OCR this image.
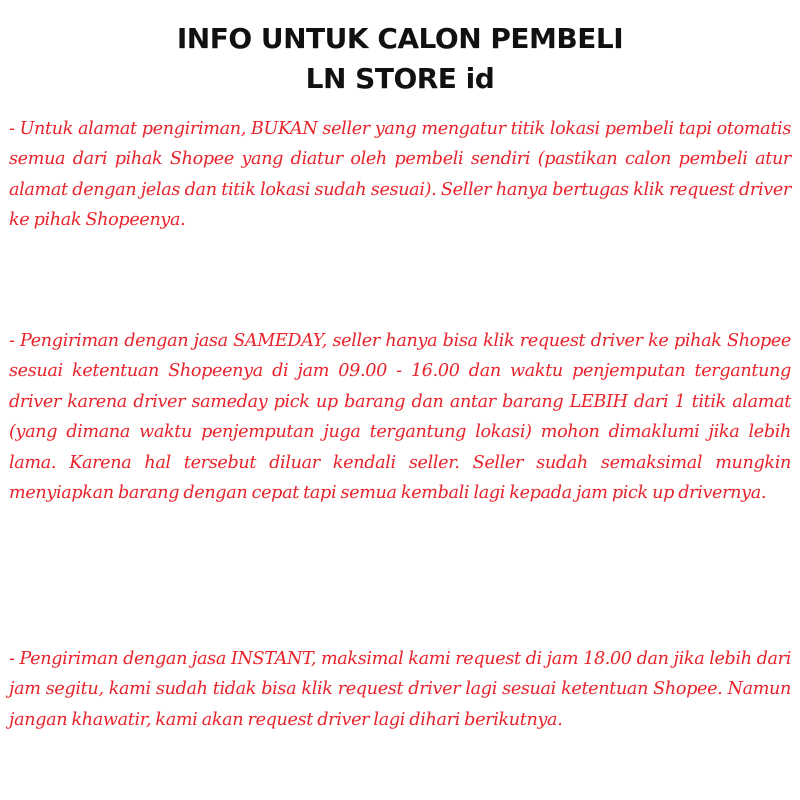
INFO UNTUK CALON PEMBELI
LN STORE id

- Untuk alamat pengiriman, BUKAN seller yang mengatur titik lokasi pembeli tapi otomatis semua dari pihak Shopee yang diatur oleh pembeli sendiri (pastikan calon pembeli atur alamat dengan jelas dan titik lokasi sudah sesuai). Seller hanya bertugas klik request driver ke pihak Shopeenya.

- Pengiriman dengan jasa SAMEDAY, seller hanya bisa klik request driver ke pihak Shopee sesuai ketentuan Shopeenya di jam 09.00 - 16.00 dan waktu penjemputan tergantung driver karena driver sameday pick up barang dan antar barang LEBIH dari 1 titik alamat (yang dimana waktu penjemputan juga tergantung lokasi) mohon dimaklumi jika lebih lama. Karena hal tersebut diluar kendali seller. Seller sudah semaksimal mungkin menyiapkan barang dengan cepat tapi semua kembali lagi kepada jam pick up drivernya.

- Pengiriman dengan jasa INSTANT, maksimal kami request di jam 18.00 dan jika lebih dari jam segitu, kami sudah tidak bisa klik request driver lagi sesuai ketentuan Shopee. Namun jangan khawatir, kami akan request driver lagi dihari berikutnya.
